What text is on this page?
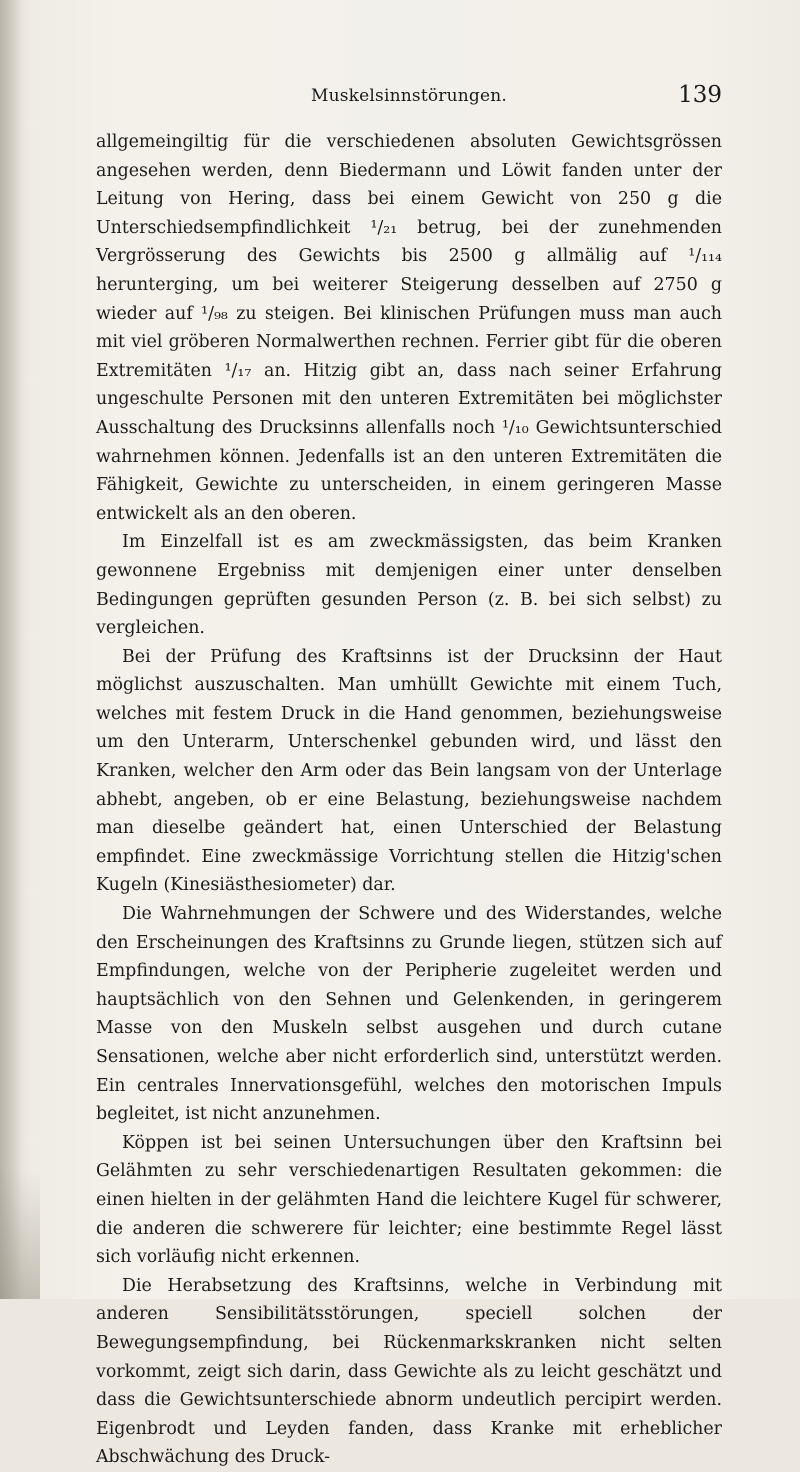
Muskelsinnstörungen.	139

allgemeingiltig für die verschiedenen absoluten Gewichtsgrössen angesehen werden, denn Biedermann und Löwit fanden unter der Leitung von Hering, dass bei einem Gewicht von 250 g die Unterschiedsempfindlichkeit ¹/₂₁ betrug, bei der zunehmenden Vergrösserung des Gewichts bis 2500 g allmälig auf ¹/₁₁₄ herunterging, um bei weiterer Steigerung desselben auf 2750 g wieder auf ¹/₉₈ zu steigen. Bei klinischen Prüfungen muss man auch mit viel gröberen Normalwerthen rechnen. Ferrier gibt für die oberen Extremitäten ¹/₁₇ an. Hitzig gibt an, dass nach seiner Erfahrung ungeschulte Personen mit den unteren Extremitäten bei möglichster Ausschaltung des Drucksinns allenfalls noch ¹/₁₀ Gewichtsunterschied wahrnehmen können. Jedenfalls ist an den unteren Extremitäten die Fähigkeit, Gewichte zu unterscheiden, in einem geringeren Masse entwickelt als an den oberen.

Im Einzelfall ist es am zweckmässigsten, das beim Kranken gewonnene Ergebniss mit demjenigen einer unter denselben Bedingungen geprüften gesunden Person (z. B. bei sich selbst) zu vergleichen.

Bei der Prüfung des Kraftsinns ist der Drucksinn der Haut möglichst auszuschalten. Man umhüllt Gewichte mit einem Tuch, welches mit festem Druck in die Hand genommen, beziehungsweise um den Unterarm, Unterschenkel gebunden wird, und lässt den Kranken, welcher den Arm oder das Bein langsam von der Unterlage abhebt, angeben, ob er eine Belastung, beziehungsweise nachdem man dieselbe geändert hat, einen Unterschied der Belastung empfindet. Eine zweckmässige Vorrichtung stellen die Hitzig'schen Kugeln (Kinesiästhesiometer) dar.

Die Wahrnehmungen der Schwere und des Widerstandes, welche den Erscheinungen des Kraftsinns zu Grunde liegen, stützen sich auf Empfindungen, welche von der Peripherie zugeleitet werden und hauptsächlich von den Sehnen und Gelenkenden, in geringerem Masse von den Muskeln selbst ausgehen und durch cutane Sensationen, welche aber nicht erforderlich sind, unterstützt werden. Ein centrales Innervationsgefühl, welches den motorischen Impuls begleitet, ist nicht anzunehmen.

Köppen ist bei seinen Untersuchungen über den Kraftsinn bei Gelähmten zu sehr verschiedenartigen Resultaten gekommen: die einen hielten in der gelähmten Hand die leichtere Kugel für schwerer, die anderen die schwerere für leichter; eine bestimmte Regel lässt sich vorläufig nicht erkennen.

Die Herabsetzung des Kraftsinns, welche in Verbindung mit anderen Sensibilitätsstörungen, speciell solchen der Bewegungsempfindung, bei Rückenmarkskranken nicht selten vorkommt, zeigt sich darin, dass Gewichte als zu leicht geschätzt und dass die Gewichtsunterschiede abnorm undeutlich percipirt werden. Eigenbrodt und Leyden fanden, dass Kranke mit erheblicher Abschwächung des Druck-
